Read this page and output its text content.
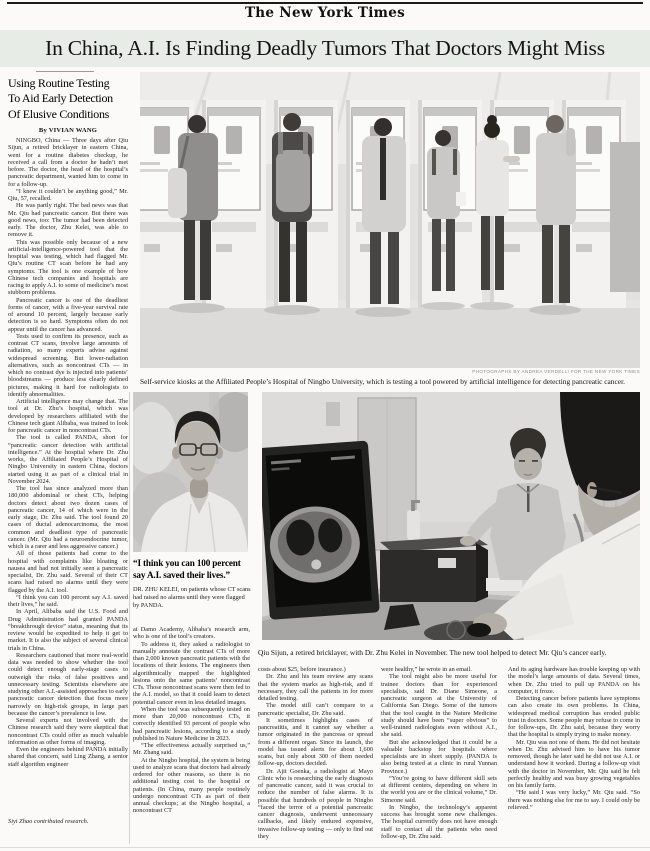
The New York Times
In China, A.I. Is Finding Deadly Tumors That Doctors Might Miss
Using Routine Testing
To Aid Early Detection
Of Elusive Conditions
By VIVIAN WANG
PHOTOGRAPHS BY ANDREA VERDELLI FOR THE NEW YORK TIMES
Self-service kiosks at the Affiliated People’s Hospital of Ningbo University, which is testing a tool powered by artificial intelligence for detecting pancreatic cancer.

NINGBO, China — Three days after Qiu Sijun, a retired bricklayer in eastern China, went for a routine diabetes checkup, he received a call from a doctor he hadn’t met before. The doctor, the head of the hospital’s pancreatic department, wanted him to come in for a follow-up.

“I knew it couldn’t be anything good,” Mr. Qiu, 57, recalled.

He was partly right. The bad news was that Mr. Qiu had pancreatic cancer. But there was good news, too: The tumor had been detected early. The doctor, Zhu Kelei, was able to remove it.

This was possible only because of a new artificial-intelligence-powered tool that the hospital was testing, which had flagged Mr. Qiu’s routine CT scan before he had any symptoms. The tool is one example of how Chinese tech companies and hospitals are racing to apply A.I. to some of medicine’s most stubborn problems.

Pancreatic cancer is one of the deadliest forms of cancer, with a five-year survival rate of around 10 percent, largely because early detection is so hard. Symptoms often do not appear until the cancer has advanced.

Tests used to confirm its presence, such as contrast CT scans, involve large amounts of radiation, so many experts advise against widespread screening. But lower-radiation alternatives, such as noncontrast CTs — in which no contrast dye is injected into patients’ bloodstreams — produce less clearly defined pictures, making it hard for radiologists to identify abnormalities.

Artificial intelligence may change that. The tool at Dr. Zhu’s hospital, which was developed by researchers affiliated with the Chinese tech giant Alibaba, was trained to look for pancreatic cancer in noncontrast CTs.

The tool is called PANDA, short for “pancreatic cancer detection with artificial intelligence.” At the hospital where Dr. Zhu works, the Affiliated People’s Hospital of Ningbo University in eastern China, doctors started using it as part of a clinical trial in November 2024.

The tool has since analyzed more than 180,000 abdominal or chest CTs, helping doctors detect about two dozen cases of pancreatic cancer, 14 of which were in the early stage, Dr. Zhu said. The tool found 20 cases of ductal adenocarcinoma, the most common and deadliest type of pancreatic cancer. (Mr. Qiu had a neuroendocrine tumor, which is a rarer and less aggressive cancer.)

All of those patients had come to the hospital with complaints like bloating or nausea and had not initially seen a pancreatic specialist, Dr. Zhu said. Several of their CT scans had raised no alarms until they were flagged by the A.I. tool.

“I think you can 100 percent say A.I. saved their lives,” he said.

In April, Alibaba said the U.S. Food and Drug Administration had granted PANDA “breakthrough device” status, meaning that its review would be expedited to help it get to market. It is also the subject of several clinical trials in China.

Researchers cautioned that more real-world data was needed to show whether the tool could detect enough early-stage cases to outweigh the risks of false positives and unnecessary testing. Scientists elsewhere are studying other A.I.-assisted approaches to early pancreatic cancer detection that focus more narrowly on high-risk groups, in large part because the cancer’s prevalence is low.

Several experts not involved with the Chinese research said they were skeptical that noncontrast CTs could offer as much valuable information as other forms of imaging.

Even the engineers behind PANDA initially shared that concern, said Ling Zhang, a senior staff algorithm engineer

“I think you can 100 percent
say A.I. saved their lives.”
DR. ZHU KELEI, on patients whose CT scans had raised no alarms until they were flagged by PANDA.

at Damo Academy, Alibaba’s research arm, who is one of the tool’s creators.

To address it, they asked a radiologist to manually annotate the contrast CTs of more than 2,000 known pancreatic patients with the locations of their lesions. The engineers then algorithmically mapped the highlighted lesions onto the same patients’ noncontrast CTs. Those noncontrast scans were then fed to the A.I. model, so that it could learn to detect potential cancer even in less detailed images.

When the tool was subsequently tested on more than 20,000 noncontrast CTs, it correctly identified 93 percent of people who had pancreatic lesions, according to a study published in Nature Medicine in 2023.

“The effectiveness actually surprised us,” Mr. Zhang said.

At the Ningbo hospital, the system is being used to analyze scans that doctors had already ordered for other reasons, so there is no additional testing cost to the hospital or patients. (In China, many people routinely undergo noncontrast CTs as part of their annual checkups; at the Ningbo hospital, a noncontrast CT

Qiu Sijun, a retired bricklayer, with Dr. Zhu Kelei in November. The new tool helped to detect Mr. Qiu’s cancer early.

costs about $25, before insurance.)

Dr. Zhu and his team review any scans that the system marks as high-risk, and if necessary, they call the patients in for more detailed testing.

The model still can’t compare to a pancreatic specialist, Dr. Zhu said.

It sometimes highlights cases of pancreatitis, and it cannot say whether a tumor originated in the pancreas or spread from a different organ. Since its launch, the model has issued alerts for about 1,600 scans, but only about 300 of them needed follow-up, doctors decided.

Dr. Ajit Goenka, a radiologist at Mayo Clinic who is researching the early diagnosis of pancreatic cancer, said it was crucial to reduce the number of false alarms. It is possible that hundreds of people in Ningbo “faced the terror of a potential pancreatic cancer diagnosis, underwent unnecessary callbacks, and likely endured expensive, invasive follow-up testing — only to find out they

were healthy,” he wrote in an email.

The tool might also be more useful for trainee doctors than for experienced specialists, said Dr. Diane Simeone, a pancreatic surgeon at the University of California San Diego. Some of the tumors that the tool caught in the Nature Medicine study should have been “super obvious” to well-trained radiologists even without A.I., she said.

But she acknowledged that it could be a valuable backstop for hospitals where specialists are in short supply. (PANDA is also being tested at a clinic in rural Yunnan Province.)

“You’re going to have different skill sets at different centers, depending on where in the world you are or the clinical volume,” Dr. Simeone said.

In Ningbo, the technology’s apparent success has brought some new challenges. The hospital currently does not have enough staff to contact all the patients who need follow-up, Dr. Zhu said.

And its aging hardware has trouble keeping up with the model’s large amounts of data. Several times, when Dr. Zhu tried to pull up PANDA on his computer, it froze.

Detecting cancer before patients have symptoms can also create its own problems. In China, widespread medical corruption has eroded public trust in doctors. Some people may refuse to come in for follow-ups, Dr. Zhu said, because they worry that the hospital is simply trying to make money.

Mr. Qiu was not one of them. He did not hesitate when Dr. Zhu advised him to have his tumor removed, though he later said he did not use A.I. or understand how it worked. During a follow-up visit with the doctor in November, Mr. Qiu said he felt perfectly healthy and was busy growing vegetables on his family farm.

“He said I was very lucky,” Mr. Qiu said. “So there was nothing else for me to say. I could only be relieved.”

Siyi Zhao contributed research.
